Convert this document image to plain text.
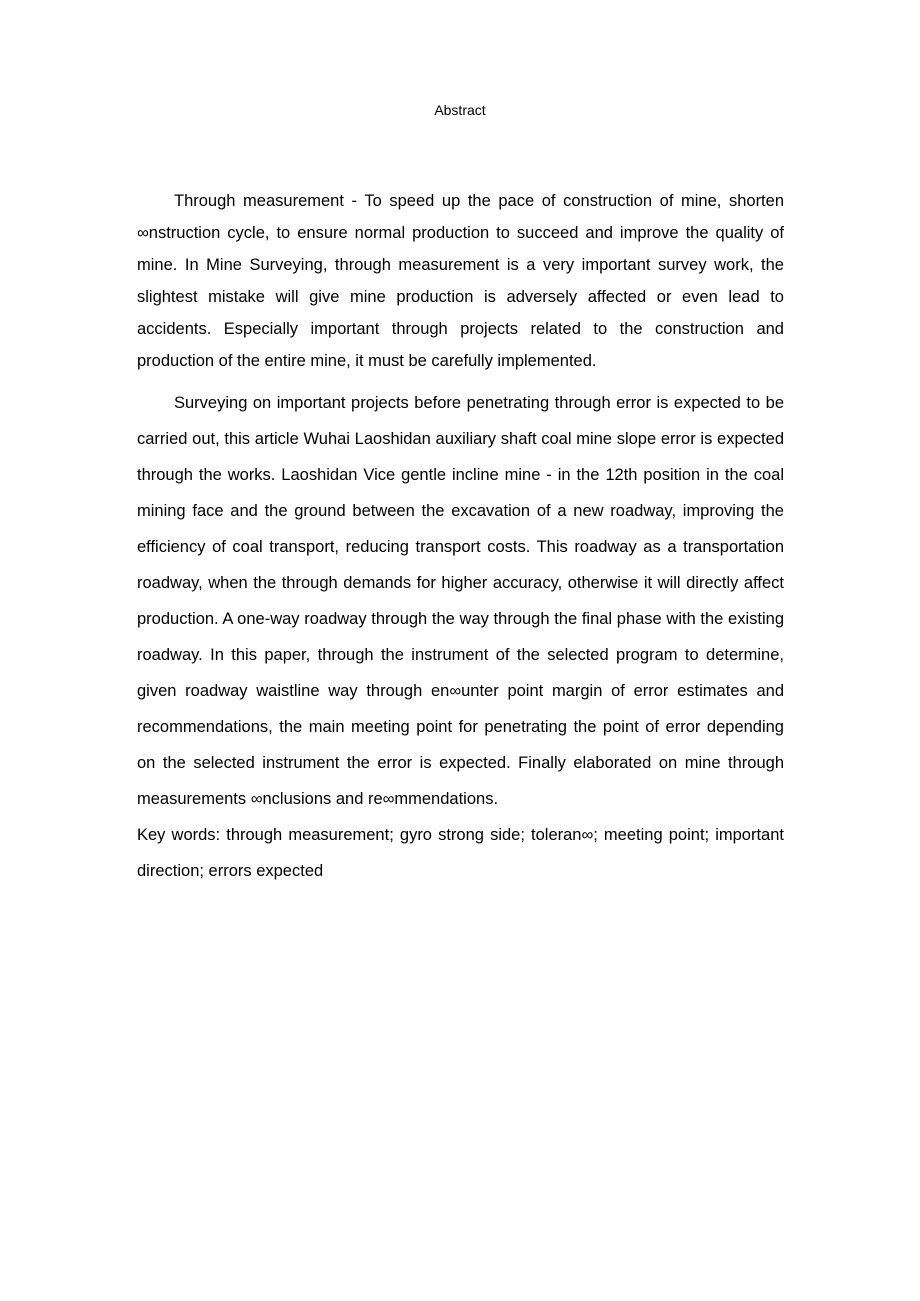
Abstract

Through measurement - To speed up the pace of construction of mine, shorten ∞nstruction cycle, to ensure normal production to succeed and improve the quality of mine. In Mine Surveying, through measurement is a very important survey work, the slightest mistake will give mine production is adversely affected or even lead to accidents. Especially important through projects related to the construction and production of the entire mine, it must be carefully implemented.

Surveying on important projects before penetrating through error is expected to be carried out, this article Wuhai Laoshidan auxiliary shaft coal mine slope error is expected through the works. Laoshidan Vice gentle incline mine - in the 12th position in the coal mining face and the ground between the excavation of a new roadway, improving the efficiency of coal transport, reducing transport costs. This roadway as a transportation roadway, when the through demands for higher accuracy, otherwise it will directly affect production. A one-way roadway through the way through the final phase with the existing roadway. In this paper, through the instrument of the selected program to determine, given roadway waistline way through en∞unter point margin of error estimates and recommendations, the main meeting point for penetrating the point of error depending on the selected instrument the error is expected. Finally elaborated on mine through measurements ∞nclusions and re∞mmendations.

Key words: through measurement; gyro strong side; toleran∞; meeting point; important direction; errors expected
